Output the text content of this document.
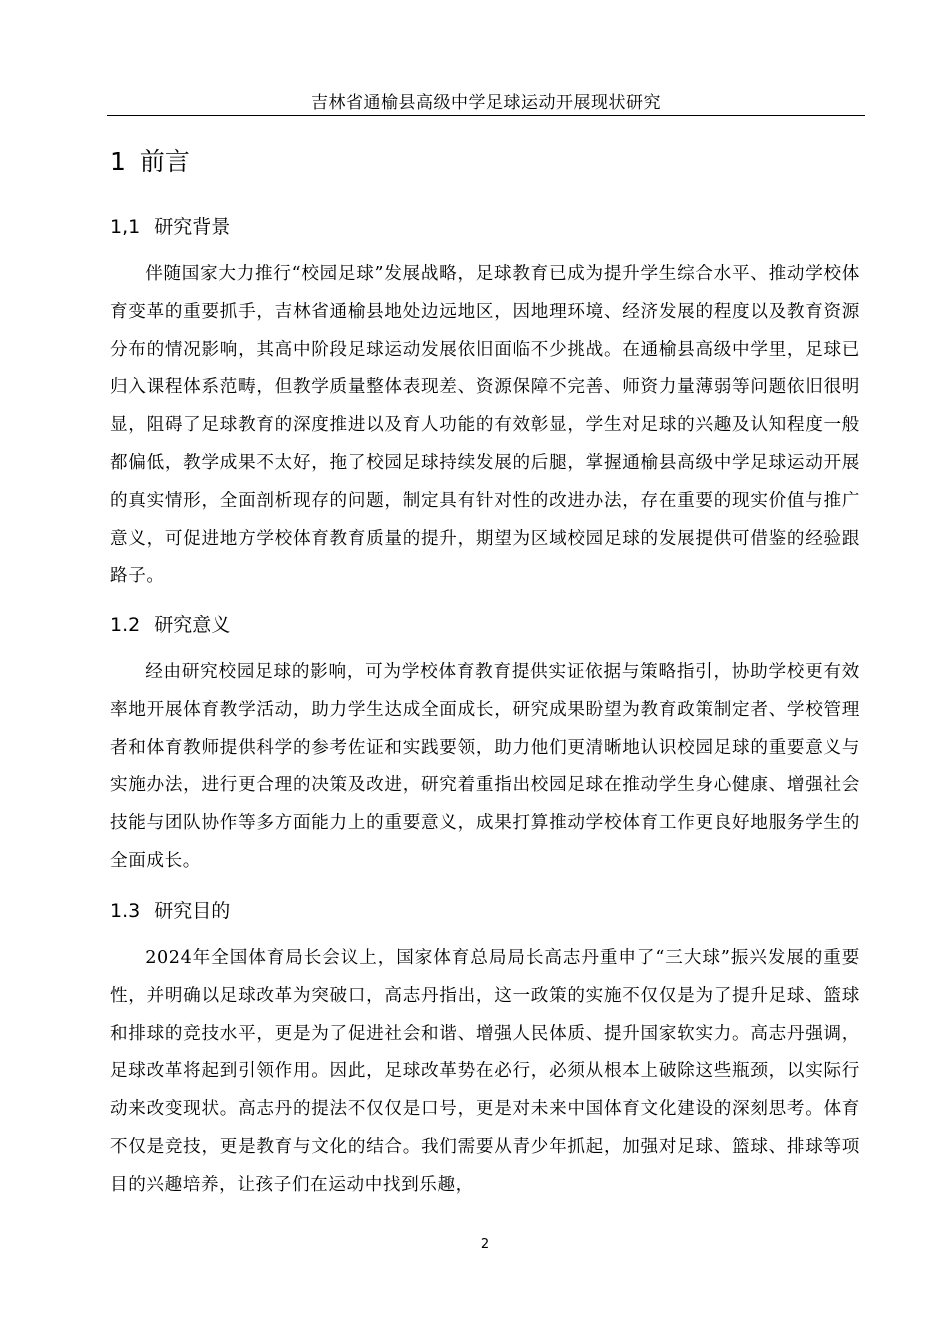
吉林省通榆县高级中学足球运动开展现状研究
1 前言
1,1 研究背景
伴随国家大力推行“校园足球”发展战略，足球教育已成为提升学生综合水平、推动学校体育变革的重要抓手，吉林省通榆县地处边远地区，因地理环境、经济发展的程度以及教育资源分布的情况影响，其高中阶段足球运动发展依旧面临不少挑战。在通榆县高级中学里，足球已归入课程体系范畴，但教学质量整体表现差、资源保障不完善、师资力量薄弱等问题依旧很明显，阻碍了足球教育的深度推进以及育人功能的有效彰显，学生对足球的兴趣及认知程度一般都偏低，教学成果不太好，拖了校园足球持续发展的后腿，掌握通榆县高级中学足球运动开展的真实情形，全面剖析现存的问题，制定具有针对性的改进办法，存在重要的现实价值与推广意义，可促进地方学校体育教育质量的提升，期望为区域校园足球的发展提供可借鉴的经验跟路子。
1.2 研究意义
经由研究校园足球的影响，可为学校体育教育提供实证依据与策略指引，协助学校更有效率地开展体育教学活动，助力学生达成全面成长，研究成果盼望为教育政策制定者、学校管理者和体育教师提供科学的参考佐证和实践要领，助力他们更清晰地认识校园足球的重要意义与实施办法，进行更合理的决策及改进，研究着重指出校园足球在推动学生身心健康、增强社会技能与团队协作等多方面能力上的重要意义，成果打算推动学校体育工作更良好地服务学生的全面成长。
1.3 研究目的
2024年全国体育局长会议上，国家体育总局局长高志丹重申了“三大球”振兴发展的重要性，并明确以足球改革为突破口，高志丹指出，这一政策的实施不仅仅是为了提升足球、篮球和排球的竞技水平，更是为了促进社会和谐、增强人民体质、提升国家软实力。高志丹强调，足球改革将起到引领作用。因此，足球改革势在必行，必须从根本上破除这些瓶颈，以实际行动来改变现状。高志丹的提法不仅仅是口号，更是对未来中国体育文化建设的深刻思考。体育不仅是竞技，更是教育与文化的结合。我们需要从青少年抓起，加强对足球、篮球、排球等项目的兴趣培养，让孩子们在运动中找到乐趣，
2
